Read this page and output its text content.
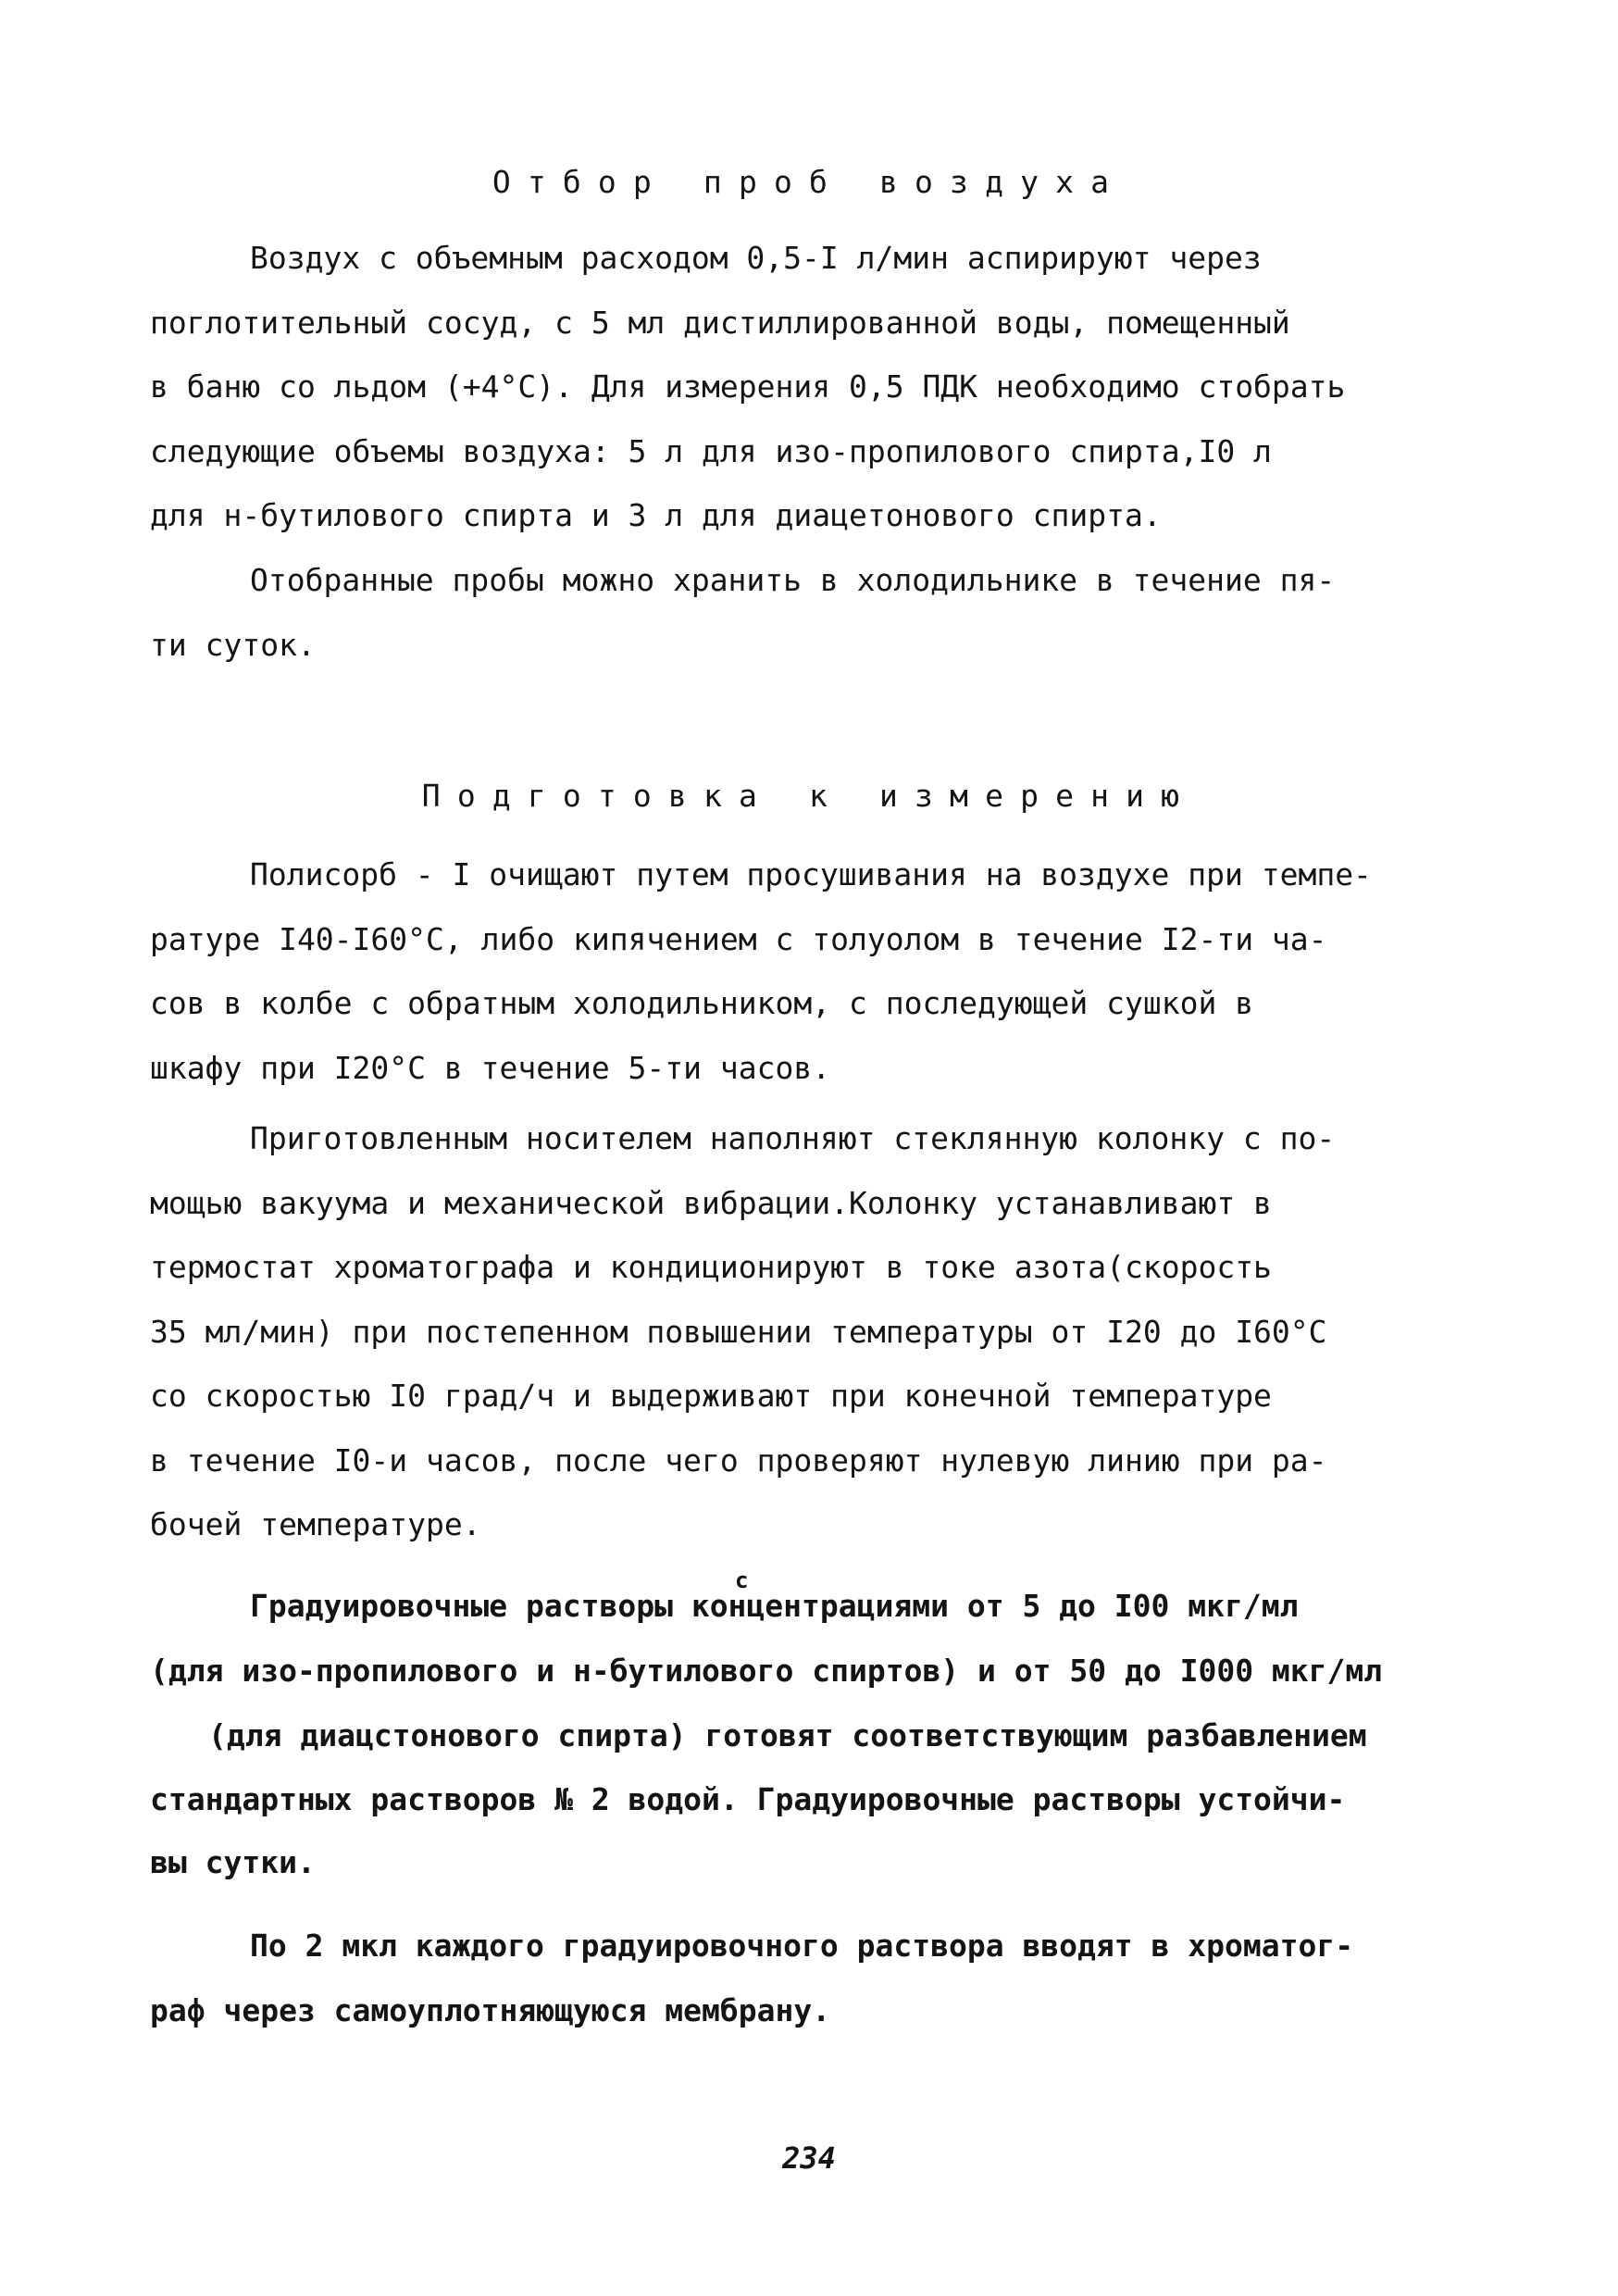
Отбор проб воздуха
Воздух с объемным расходом 0,5-I л/мин аспирируют через
поглотительный сосуд, с 5 мл дистиллированной воды, помещенный
в баню со льдом (+4°С). Для измерения 0,5 ПДК необходимо стобрать
следующие объемы воздуха: 5 л для изо-пропилового спирта,I0 л
для н-бутилового спирта и 3 л для диацетонового спирта.
Отобранные пробы можно хранить в холодильнике в течение пя-
ти суток.
Подготовка к измерению
Полисорб - I очищают путем просушивания на воздухе при темпе-
ратуре I40-I60°С, либо кипячением с толуолом в течение I2-ти ча-
сов в колбе с обратным холодильником, с последующей сушкой в
шкафу при I20°С в течение 5-ти часов.
Приготовленным носителем наполняют стеклянную колонку с по-
мощью вакуума и механической вибрации.Колонку устанавливают в
термостат хроматографа и кондиционируют в токе азота(скорость
35 мл/мин) при постепенном повышении температуры от I20 до I60°С
со скоростью I0 град/ч и выдерживают при конечной температуре
в течение I0-и часов, после чего проверяют нулевую линию при ра-
бочей температуре.
с
Градуировочные растворы концентрациями от 5 до I00 мкг/мл
(для изо-пропилового и н-бутилового спиртов) и от 50 до I000 мкг/мл
(для диацстонового спирта) готовят соответствующим разбавлением
стандартных растворов № 2 водой. Градуировочные растворы устойчи-
вы сутки.
По 2 мкл каждого градуировочного раствора вводят в хроматог-
раф через самоуплотняющуюся мембрану.
234
